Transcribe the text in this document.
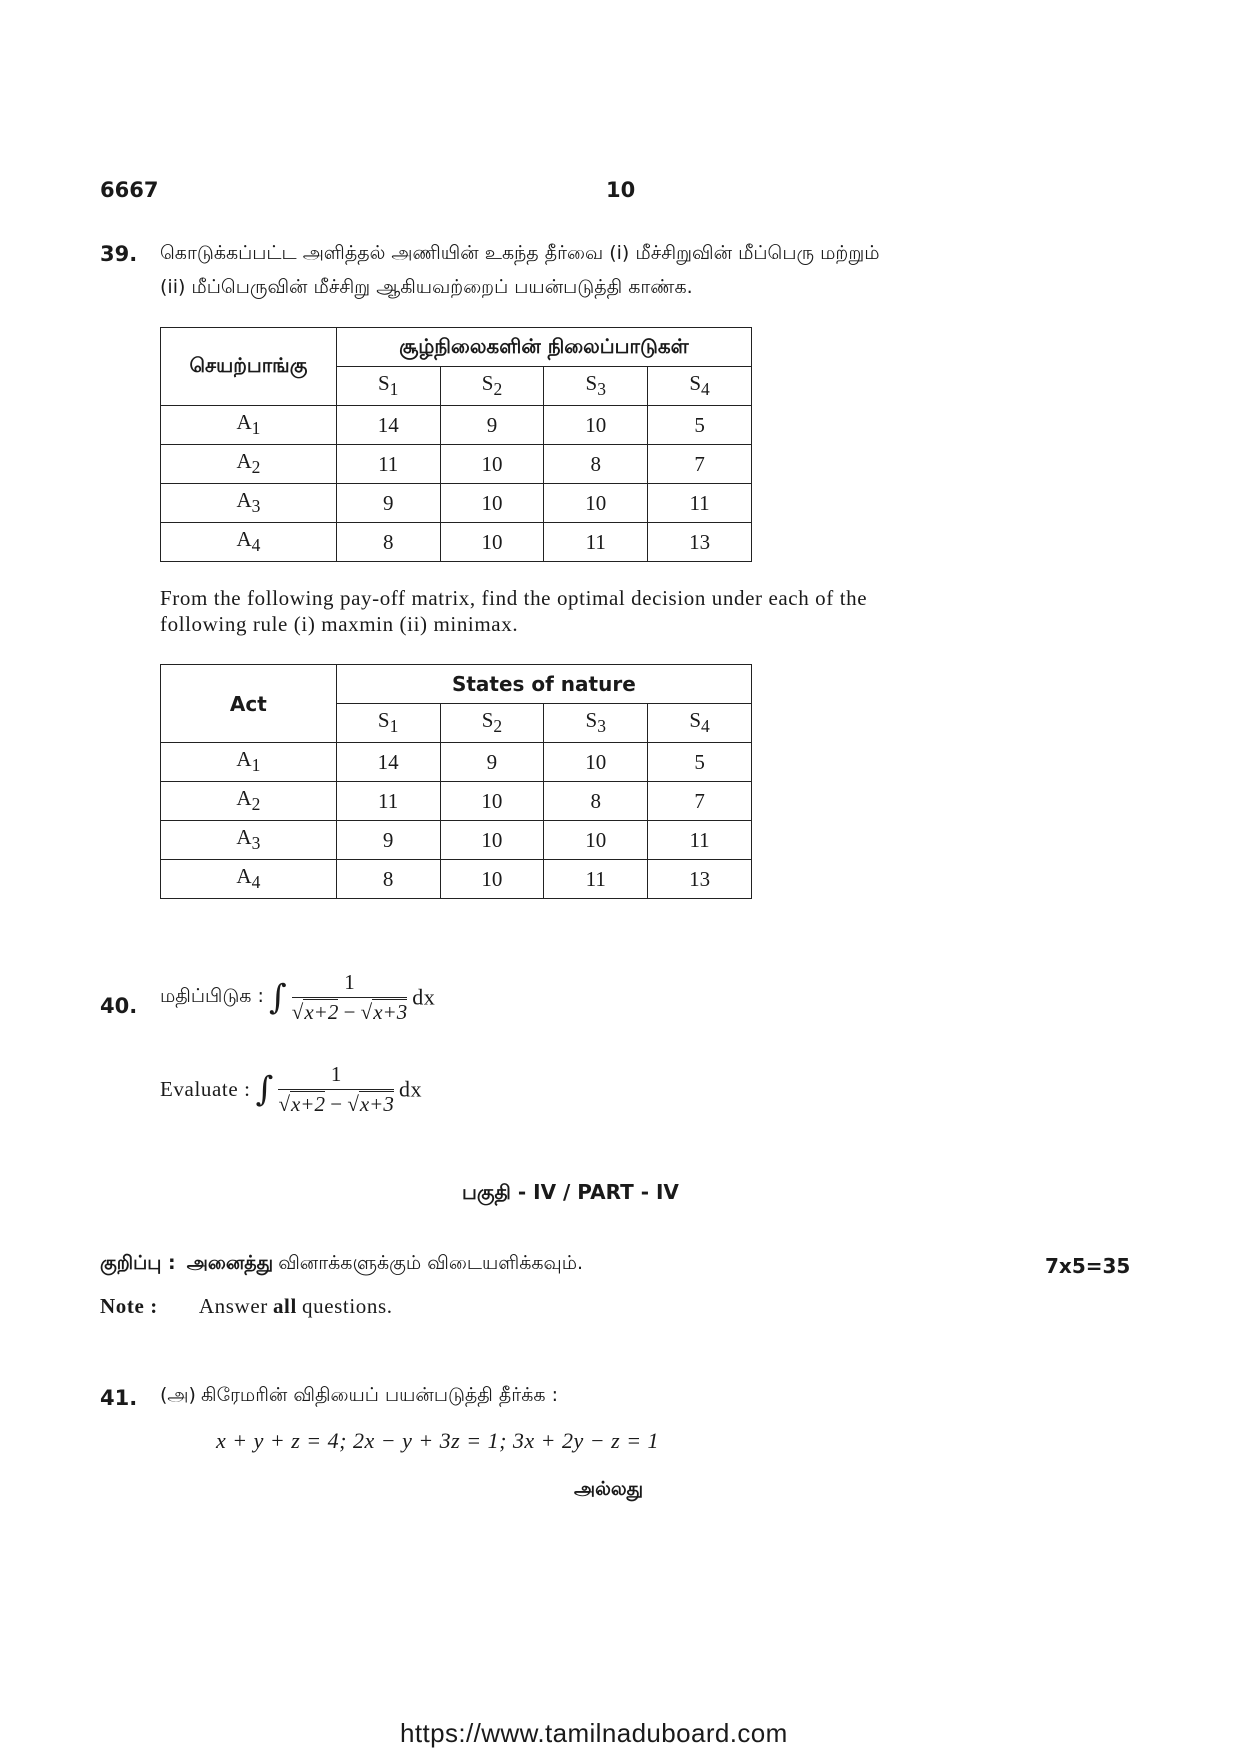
6667	10
39. கொடுக்கப்பட்ட அளித்தல் அணியின் உகந்த தீர்வை (i) மீச்சிறுவின் மீப்பெரு மற்றும்
(ii) மீப்பெருவின் மீச்சிறு ஆகியவற்றைப் பயன்படுத்தி காண்க.
செயற்பாங்கு	சூழ்நிலைகளின் நிலைப்பாடுகள்			
	$S_1$	$S_2$	$S_3$	$S_4$
$A_1$	14	9	10	5
$A_2$	11	10	8	7
$A_3$	9	10	10	11
$A_4$	8	10	11	13
From the following pay-off matrix, find the optimal decision under each of the
following rule (i) maxmin (ii) minimax.
Act	States of nature			
	$S_1$	$S_2$	$S_3$	$S_4$
$A_1$	14	9	10	5
$A_2$	11	10	8	7
$A_3$	9	10	10	11
$A_4$	8	10	11	13
40. மதிப்பிடுக : ∫ $\frac{1}{√x+2 - √x+3}$ dx
Evaluate : ∫ $\frac{1}{√x+2 - √x+3}$ dx
பகுதி - IV / PART - IV
குறிப்பு : அனைத்து வினாக்களுக்கும் விடையளிக்கவும்.	7x5=35
Note : Answer all questions.
41. (அ) கிரேமரின் விதியைப் பயன்படுத்தி தீர்க்க :
x + y + z = 4; 2x − y + 3z = 1; 3x + 2y − z = 1
அல்லது
https://www.tamilnaduboard.com
